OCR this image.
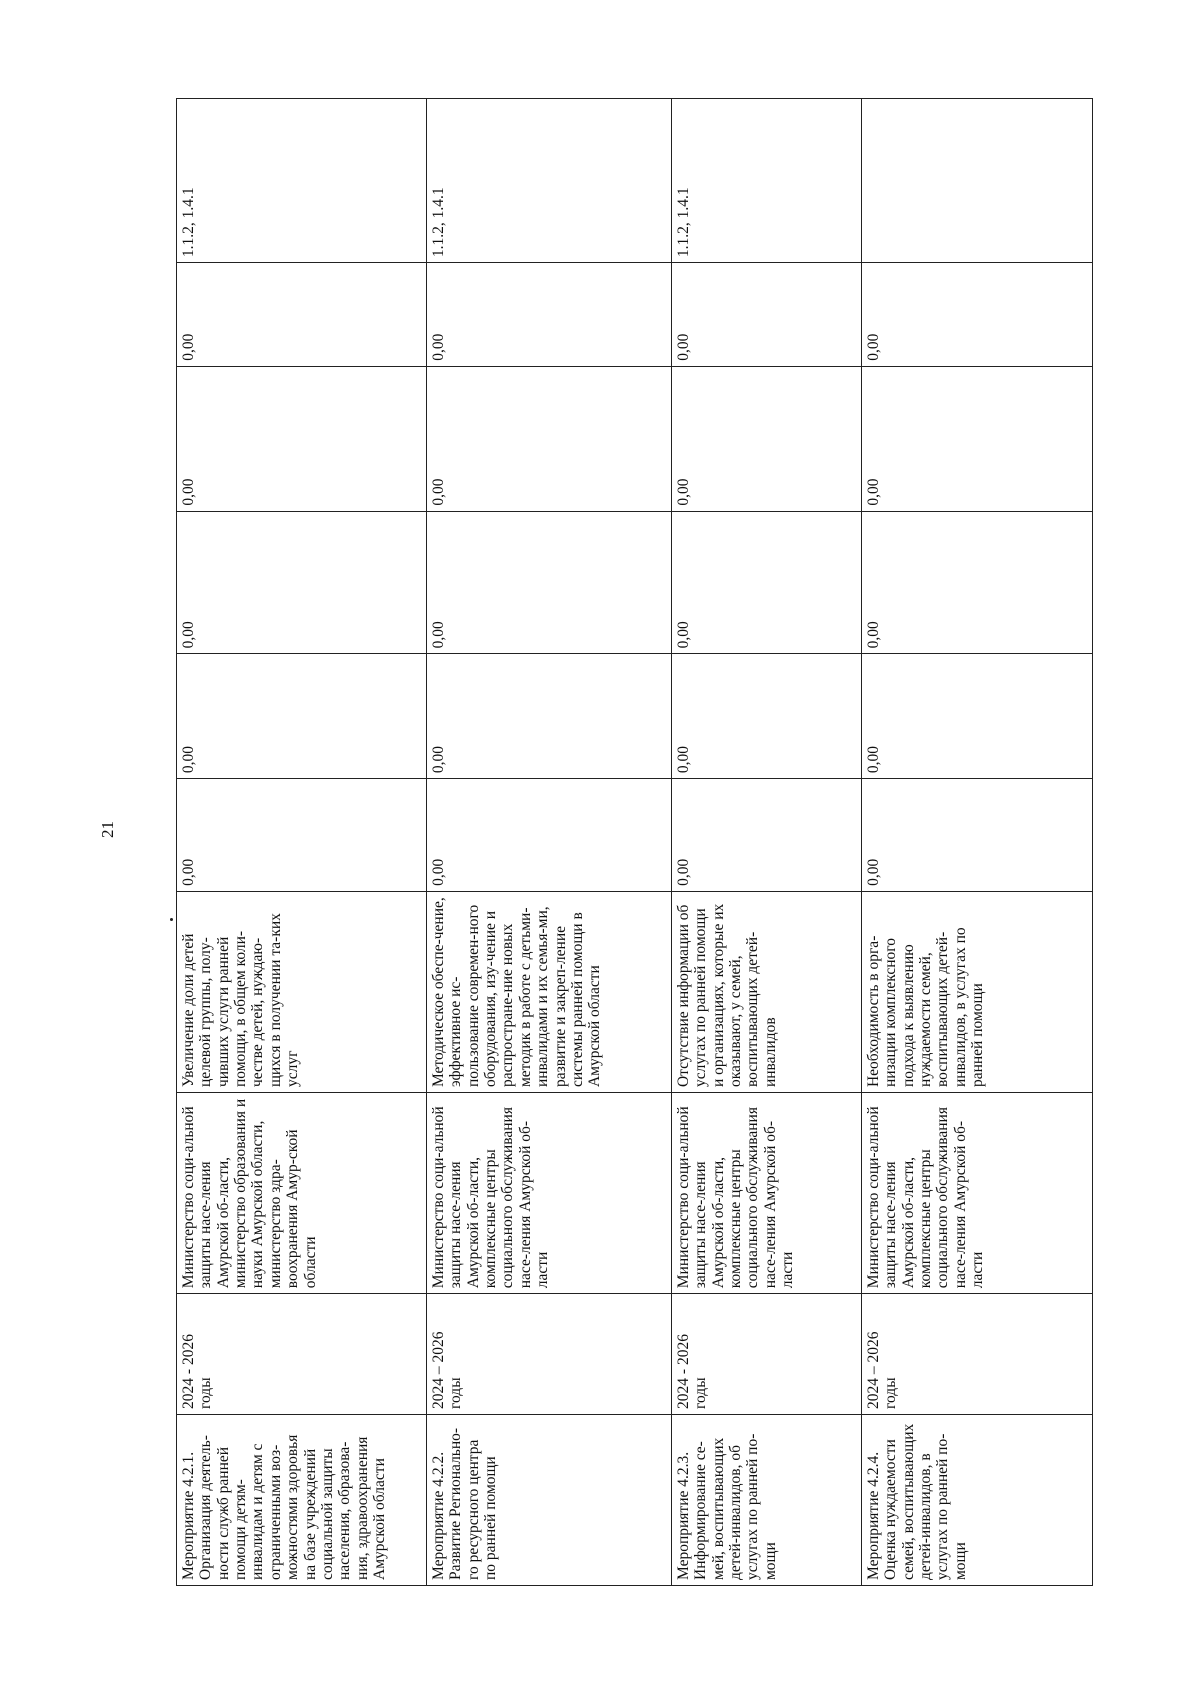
21
Мероприятие 4.2.1. Организация деятель-ности служб ранней помощи детям-инвалидам и детям с ограниченными воз-можностями здоровья на базе учреждений социальной защиты населения, образова-ния, здравоохранения Амурской области	2024 - 2026 годы	Министерство соци-альной защиты насе-ления Амурской об-ласти, министерство образования и науки Амурской области, министерство здра-воохранения Амур-ской области	Увеличение доли детей целевой группы, полу-чивших услуги ранней помощи, в общем коли-честве детей, нуждаю-щихся в получении та-ких услуг	0,00	0,00	0,00	0,00	0,00	1.1.2, 1.4.1
Мероприятие 4.2.2. Развитие Регионально-го ресурсного центра по ранней помощи	2024 – 2026 годы	Министерство соци-альной защиты насе-ления Амурской об-ласти, комплексные центры социального обслуживания насе-ления Амурской об-ласти	Методическое обеспе-чение, эффективное ис-пользование современ-ного оборудования, изу-чение и распростране-ние новых методик в работе с детьми-инвалидами и их семья-ми, развитие и закреп-ление системы ранней помощи в Амурской области	0,00	0,00	0,00	0,00	0,00	1.1.2, 1.4.1
Мероприятие 4.2.3. Информирование се-мей, воспитывающих детей-инвалидов, об услугах по ранней по-мощи	2024 - 2026 годы	Министерство соци-альной защиты насе-ления Амурской об-ласти, комплексные центры социального обслуживания насе-ления Амурской об-ласти	Отсутствие информации об услугах по ранней помощи и организациях, которые их оказывают, у семей, воспитывающих детей-инвалидов	0,00	0,00	0,00	0,00	0,00	1.1.2, 1.4.1
Мероприятие 4.2.4. Оценка нуждаемости семей, воспитывающих детей-инвалидов, в услугах по ранней по-мощи	2024 – 2026 годы	Министерство соци-альной защиты насе-ления Амурской об-ласти, комплексные центры социального обслуживания насе-ления Амурской об-ласти	Необходимость в орга-низации комплексного подхода к выявлению нуждаемости семей, воспитывающих детей-инвалидов, в услугах по ранней помощи	0,00	0,00	0,00	0,00	0,00	
